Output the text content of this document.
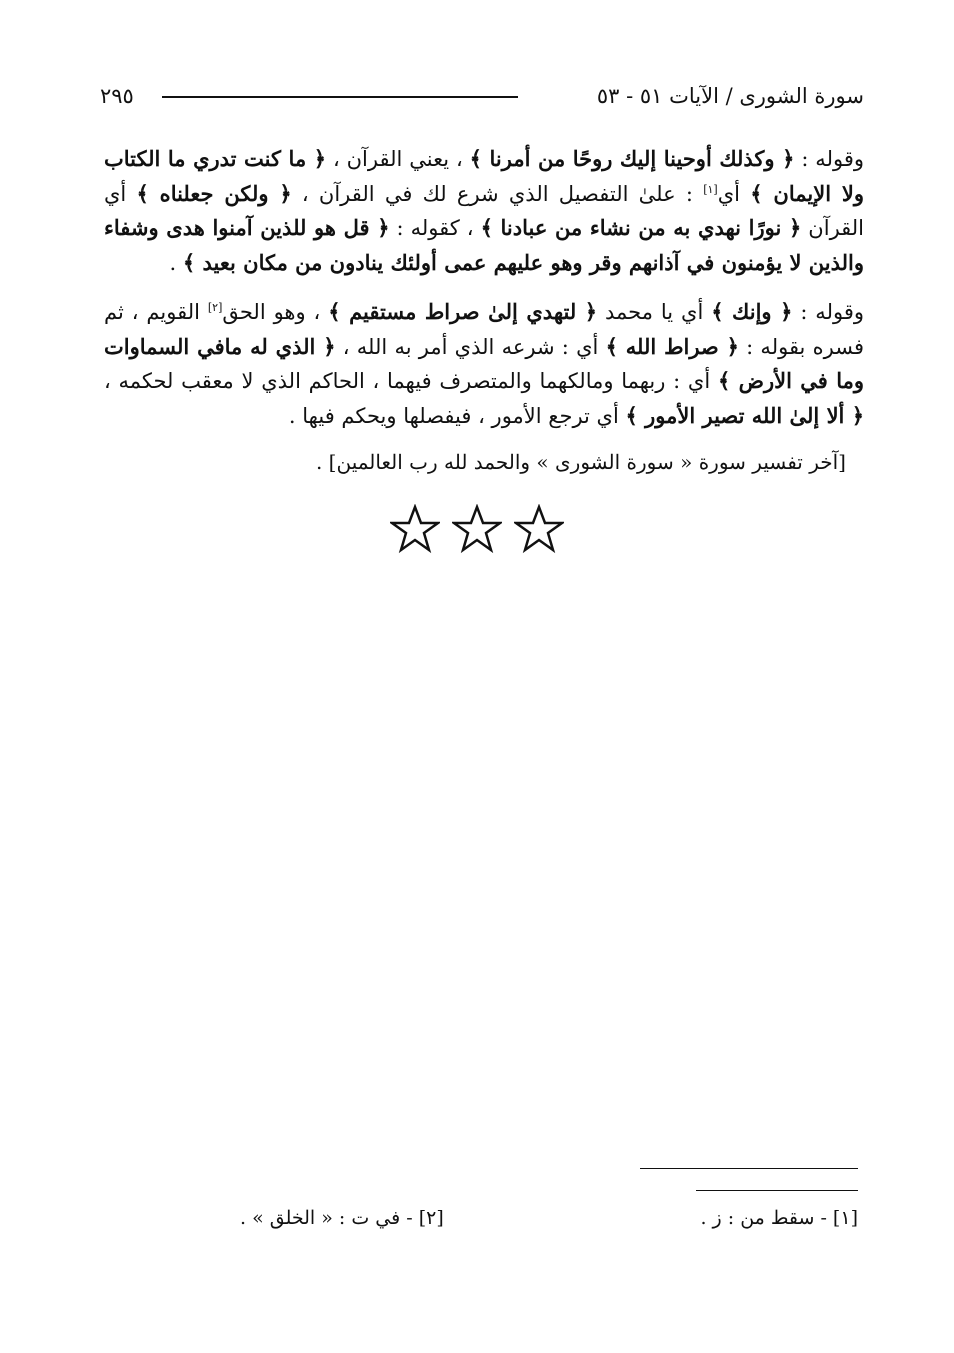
سورة الشورى / الآيات ٥١ - ٥٣
٢٩٥

وقوله : ﴿ وكذلك أوحينا إليك روحًا من أمرنا ﴾ ، يعني القرآن ، ﴿ ما كنت تدري ما الكتاب ولا الإيمان ﴾ أي[١] : علىٰ التفصيل الذي شرع لك في القرآن ، ﴿ ولكن جعلناه ﴾ أي القرآن ﴿ نورًا نهدي به من نشاء من عبادنا ﴾ ، كقوله : ﴿ قل هو للذين آمنوا هدى وشفاء والذين لا يؤمنون في آذانهم وقر وهو عليهم عمى أولئك ينادون من مكان بعيد ﴾ .

وقوله : ﴿ وإنك ﴾ أي يا محمد ﴿ لتهدي إلىٰ صراط مستقيم ﴾ ، وهو الحق[٢] القويم ، ثم فسره بقوله : ﴿ صراط الله ﴾ أي : شرعه الذي أمر به الله ، ﴿ الذي له مافي السماوات وما في الأرض ﴾ أي : ربهما ومالكهما والمتصرف فيهما ، الحاكم الذي لا معقب لحكمه ، ﴿ ألا إلىٰ الله تصير الأمور ﴾ أي ترجع الأمور ، فيفصلها ويحكم فيها .

[آخر تفسير سورة « سورة الشورى » والحمد لله رب العالمين] .
[١] - سقط من : ز .
[٢] - في ت : « الخلق » .
